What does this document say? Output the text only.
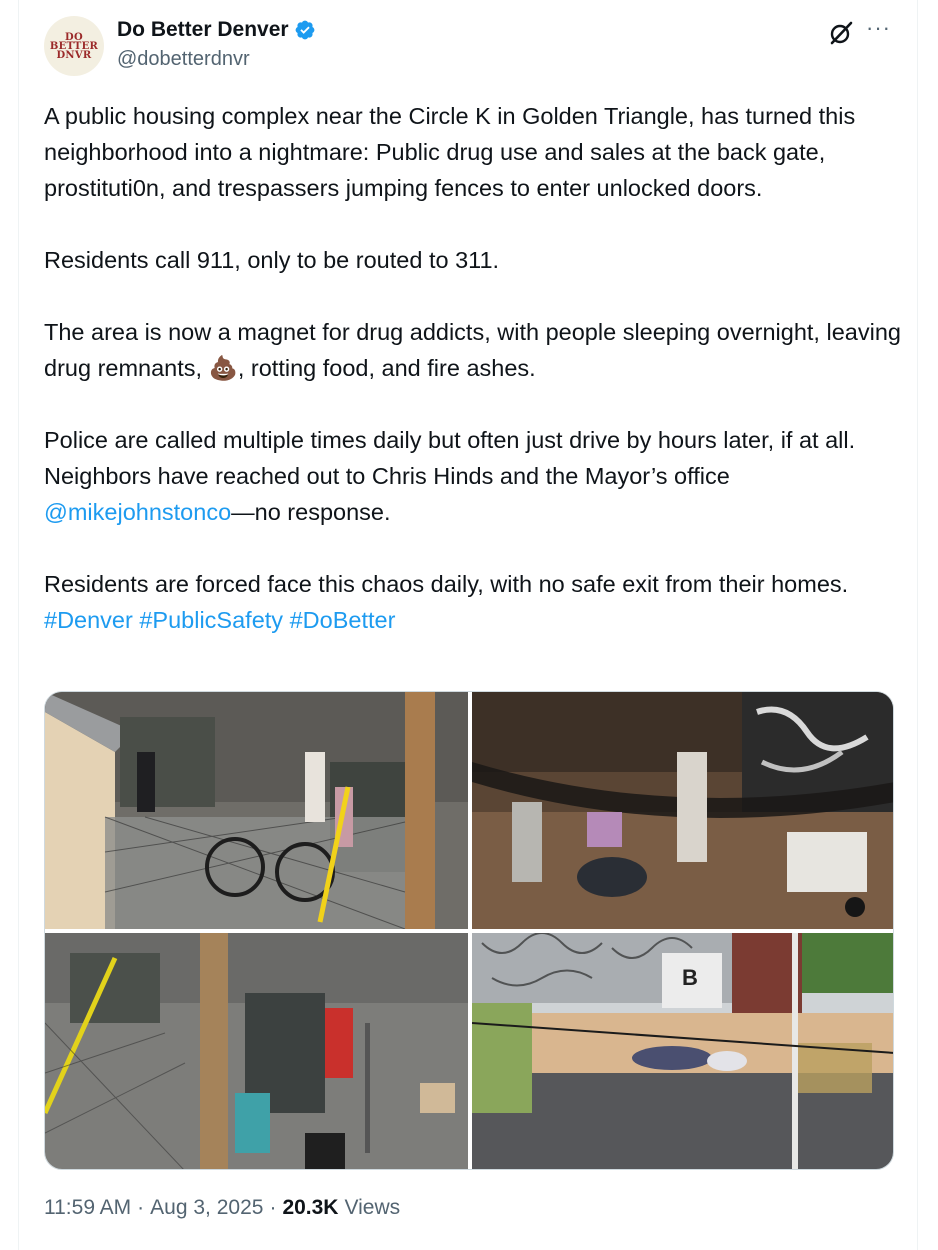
DO
BETTER
DNVR
Do Better Denver
@dobetterdnvr
···

A public housing complex near the Circle K in Golden Triangle, has turned this neighborhood into a nightmare: Public drug use and sales at the back gate, prostituti0n, and trespassers jumping fences to enter unlocked doors.

Residents call 911, only to be routed to 311.

The area is now a magnet for drug addicts, with people sleeping overnight, leaving drug remnants, 💩, rotting food, and fire ashes.

Police are called multiple times daily but often just drive by hours later, if at all. Neighbors have reached out to Chris Hinds and the Mayor’s office @mikejohnstonco—no response.

Residents are forced face this chaos daily, with no safe exit from their homes. #Denver #PublicSafety #DoBetter

B
11:59 AM · Aug 3, 2025 · 20.3K Views
